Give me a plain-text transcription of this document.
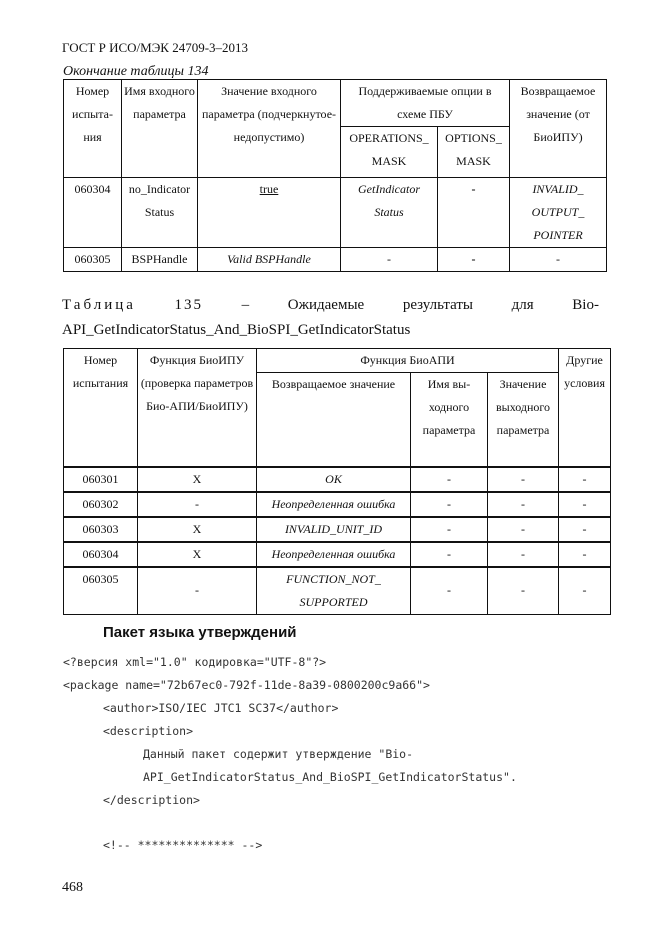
ГОСТ Р ИСО/МЭК 24709-3–2013
Окончание таблицы 134
Номер испыта-ния	Имя входного параметра	Значение входного параметра (подчеркнутое-недопустимо)	Поддерживаемые опции в схеме ПБУ		Возвращаемое значение (от БиоИПУ)
			OPERATIONS_ MASK	OPTIONS_ MASK	
060304	no_Indicator Status	true	GetIndicator Status	-	INVALID_ OUTPUT_ POINTER
060305	BSPHandle	Valid BSPHandle	-	-	-
Таблица	135	–	Ожидаемые	результаты	для	Bio-
API_GetIndicatorStatus_And_BioSPI_GetIndicatorStatus
Номер испытания	Функция БиоИПУ (проверка параметров Био-АПИ/БиоИПУ)	Функция БиоАПИ			Другие условия
		Возвращаемое значение	Имя вы-ходного параметра	Значение выходного параметра	
060301	X	OK	-	-	-
060302	-	Неопределенная ошибка	-	-	-
060303	X	INVALID_UNIT_ID	-	-	-
060304	X	Неопределенная ошибка	-	-	-
060305	-	FUNCTION_NOT_ SUPPORTED	-	-	-
Пакет языка утверждений
<?версия xml="1.0" кодировка="UTF-8"?>
<package name="72b67ec0-792f-11de-8a39-0800200c9a66">
<author>ISO/IEC JTC1 SC37</author>
<description>
Данный пакет содержит утверждение "Bio-
API_GetIndicatorStatus_And_BioSPI_GetIndicatorStatus".
</description>
<!-- ************** -->
468
